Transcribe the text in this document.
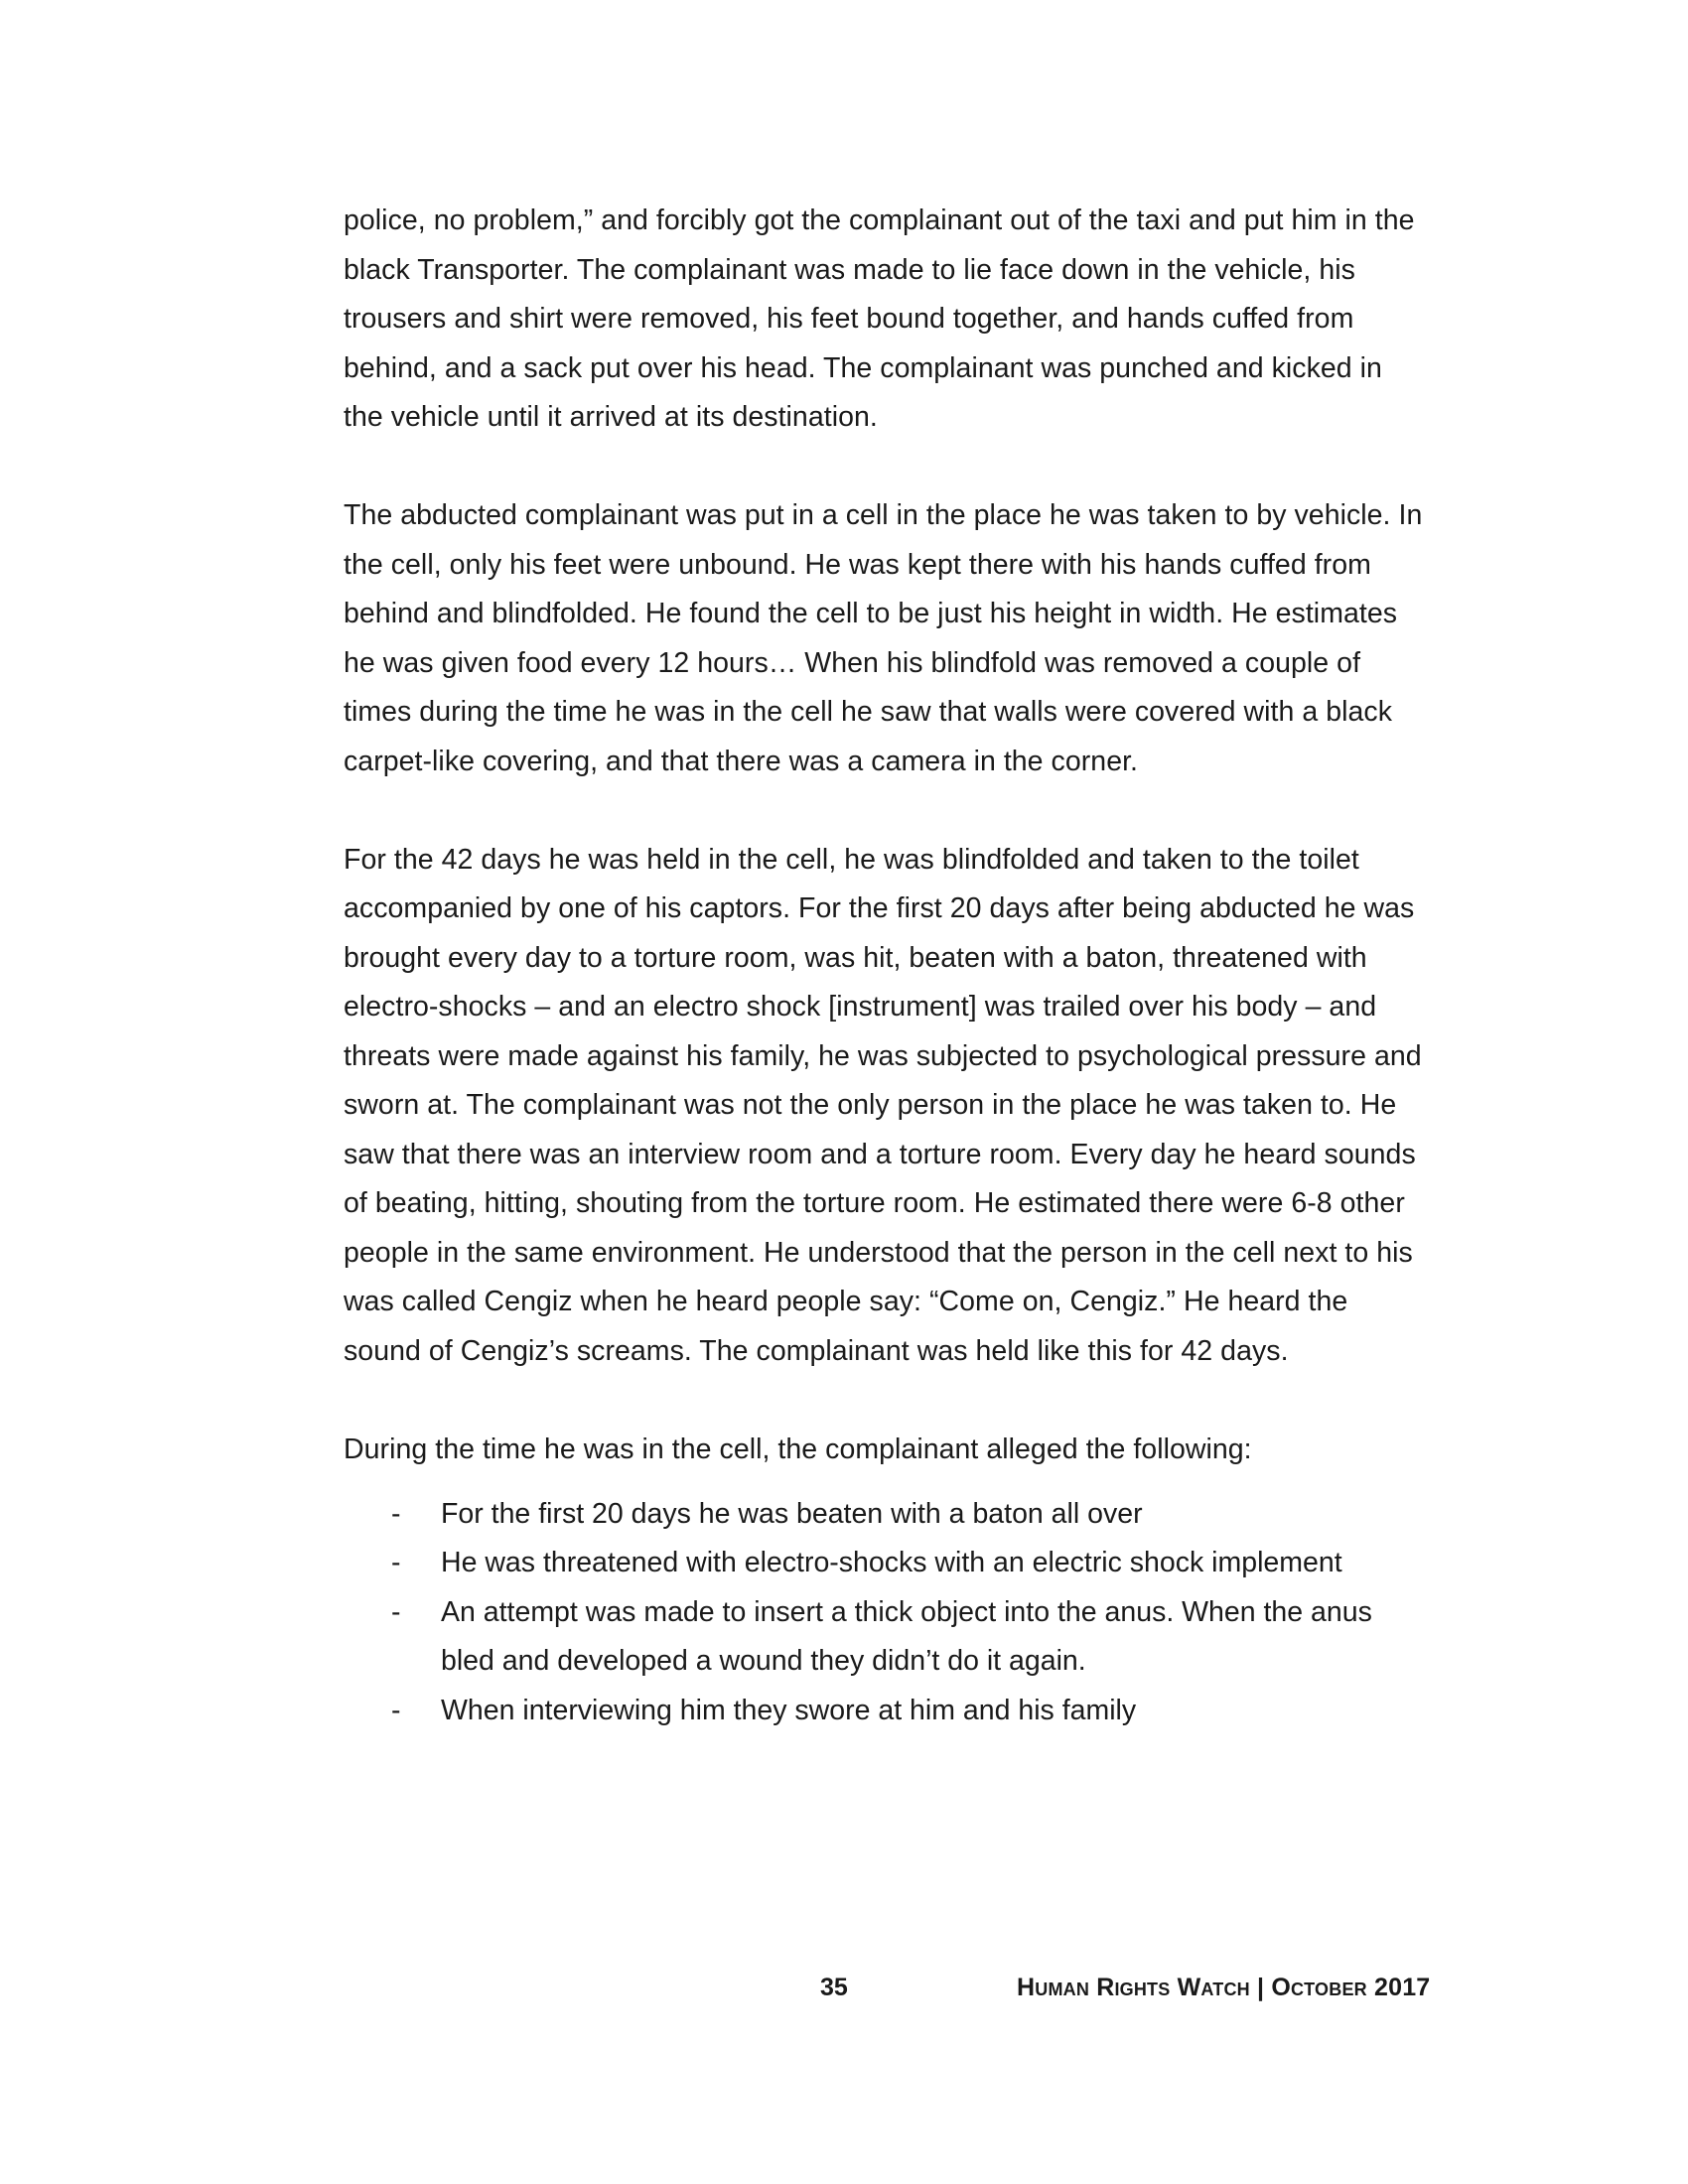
police, no problem,” and forcibly got the complainant out of the taxi and put him in the black Transporter. The complainant was made to lie face down in the vehicle, his trousers and shirt were removed, his feet bound together, and hands cuffed from behind, and a sack put over his head. The complainant was punched and kicked in the vehicle until it arrived at its destination.

The abducted complainant was put in a cell in the place he was taken to by vehicle. In the cell, only his feet were unbound. He was kept there with his hands cuffed from behind and blindfolded. He found the cell to be just his height in width. He estimates he was given food every 12 hours… When his blindfold was removed a couple of times during the time he was in the cell he saw that walls were covered with a black carpet-like covering, and that there was a camera in the corner.

For the 42 days he was held in the cell, he was blindfolded and taken to the toilet accompanied by one of his captors. For the first 20 days after being abducted he was brought every day to a torture room, was hit, beaten with a baton, threatened with electro-shocks – and an electro shock [instrument] was trailed over his body – and threats were made against his family, he was subjected to psychological pressure and sworn at. The complainant was not the only person in the place he was taken to. He saw that there was an interview room and a torture room. Every day he heard sounds of beating, hitting, shouting from the torture room. He estimated there were 6-8 other people in the same environment. He understood that the person in the cell next to his was called Cengiz when he heard people say: “Come on, Cengiz.” He heard the sound of Cengiz’s screams. The complainant was held like this for 42 days.

During the time he was in the cell, the complainant alleged the following:

- For the first 20 days he was beaten with a baton all over
- He was threatened with electro-shocks with an electric shock implement
- An attempt was made to insert a thick object into the anus. When the anus bled and developed a wound they didn’t do it again.
- When interviewing him they swore at him and his family
35	Human Rights Watch | October 2017
